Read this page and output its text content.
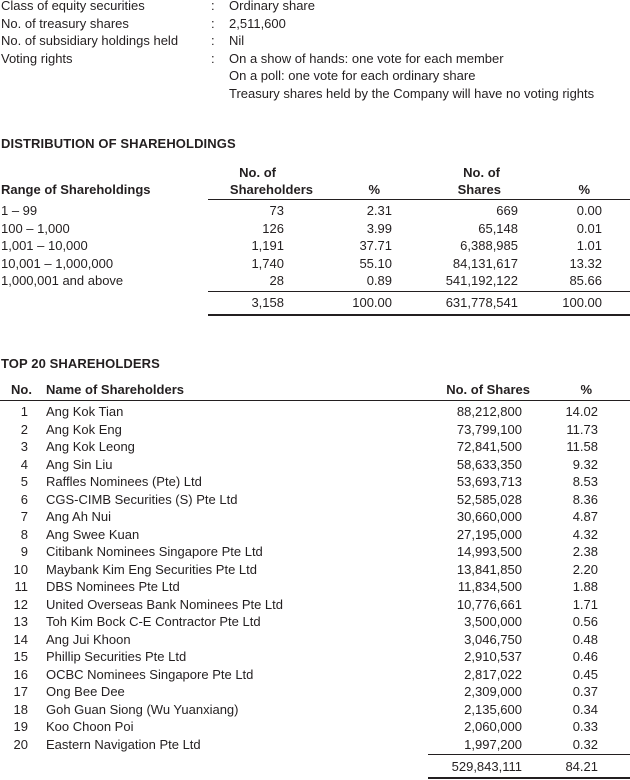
Class of equity securities	:	Ordinary share
No. of treasury shares	:	2,511,600
No. of subsidiary holdings held	:	Nil
Voting rights	:	On a show of hands: one vote for each member
On a poll: one vote for each ordinary share
Treasury shares held by the Company will have no voting rights
DISTRIBUTION OF SHAREHOLDINGS
Range of Shareholdings
No. of
Shareholders	%
No. of
Shares	%
1 – 99	73	2.31	669	0.00
100 – 1,000	126	3.99	65,148	0.01
1,001 – 10,000	1,191	37.71	6,388,985	1.01
10,001 – 1,000,000	1,740	55.10	84,131,617	13.32
1,000,001 and above	28	0.89	541,192,122	85.66
3,158	100.00	631,778,541	100.00
TOP 20 SHAREHOLDERS
No. Name of Shareholders	No. of Shares	%
1 Ang Kok Tian	88,212,800	14.02
2 Ang Kok Eng	73,799,100	11.73
3 Ang Kok Leong	72,841,500	11.58
4 Ang Sin Liu	58,633,350	9.32
5 Raffles Nominees (Pte) Ltd	53,693,713	8.53
6 CGS-CIMB Securities (S) Pte Ltd	52,585,028	8.36
7 Ang Ah Nui	30,660,000	4.87
8 Ang Swee Kuan	27,195,000	4.32
9 Citibank Nominees Singapore Pte Ltd	14,993,500	2.38
10 Maybank Kim Eng Securities Pte Ltd	13,841,850	2.20
11 DBS Nominees Pte Ltd	11,834,500	1.88
12 United Overseas Bank Nominees Pte Ltd	10,776,661	1.71
13 Toh Kim Bock C-E Contractor Pte Ltd	3,500,000	0.56
14 Ang Jui Khoon	3,046,750	0.48
15 Phillip Securities Pte Ltd	2,910,537	0.46
16 OCBC Nominees Singapore Pte Ltd	2,817,022	0.45
17 Ong Bee Dee	2,309,000	0.37
18 Goh Guan Siong (Wu Yuanxiang)	2,135,600	0.34
19 Koo Choon Poi	2,060,000	0.33
20 Eastern Navigation Pte Ltd	1,997,200	0.32
529,843,111	84.21
